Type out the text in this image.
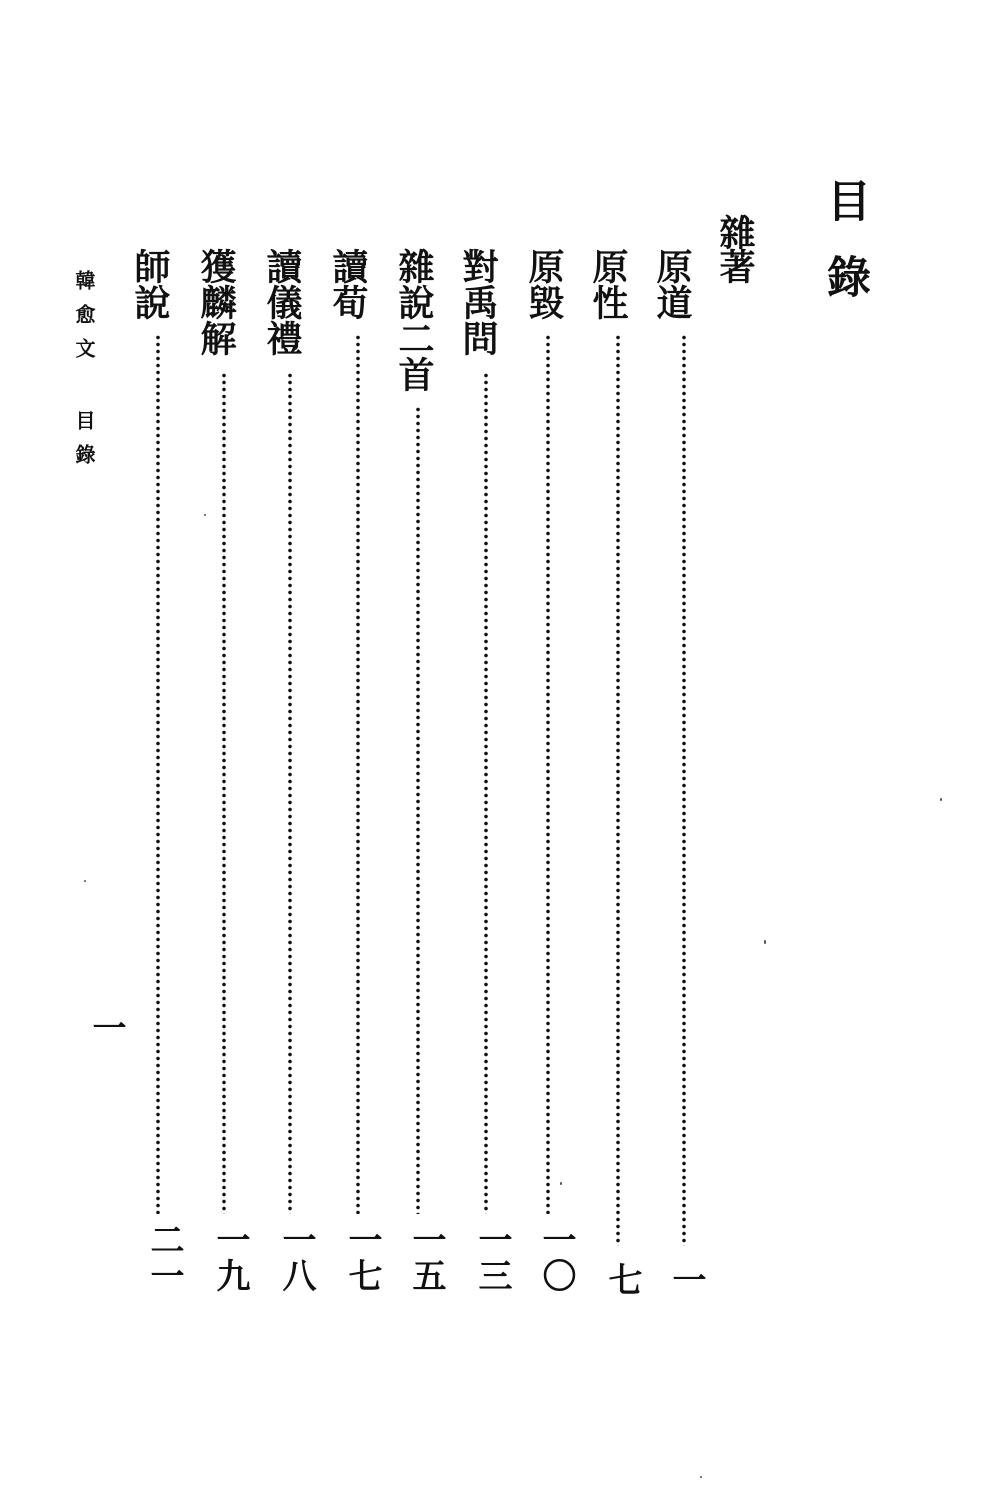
目錄
雜著
原道
一
原性
七
原毀
一〇
對禹問
一三
雜說二首
一五
讀荀
一七
讀儀禮
一八
獲麟解
一九
師說
二一
韓愈文 目錄
一
